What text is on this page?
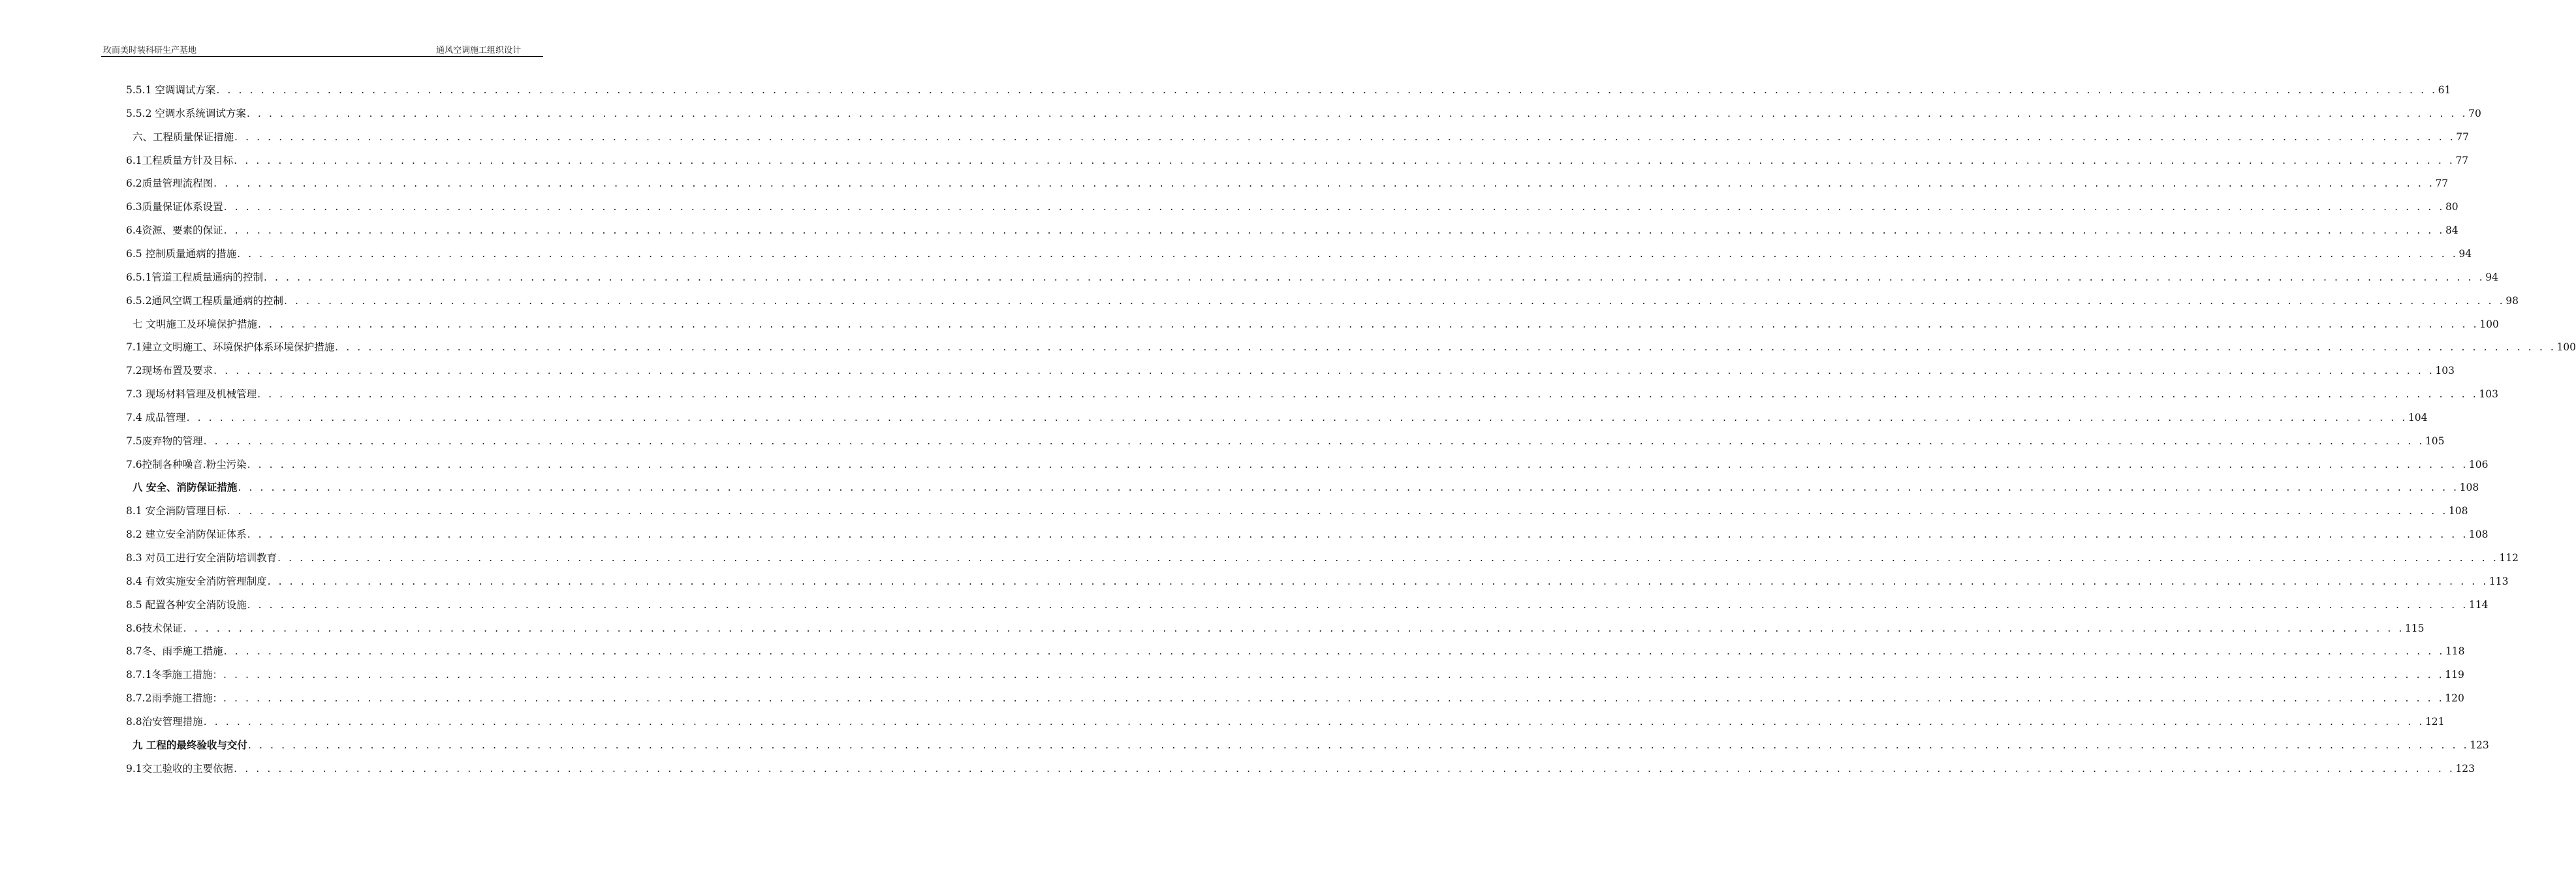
玫而美时装科研生产基地	通风空调施工组织设计
5.5.1 空调调试方案 . . . . . . . . . . . . . . . . . . . . . . . . . . . . . . . . . . . . . . . . . . . . . . . . . . . . . . . . . . . . . . . . . . . . . . . . . . . . . . . . . . . . . . . . . . . . . . . . . . . . . . . . . . . . . . . . . . . . . . . . . . . . . . . . . . . . . . . . . . . . . . . . . . . . . . . . . . . . . . . . . . . . . . . . . . . . . . . . . . . . . . . . . . . . . . . . . . . . . . . . 61
5.5.2 空调水系统调试方案 . . . . . . . . . . . . . . . . . . . . . . . . . . . . . . . . . . . . . . . . . . . . . . . . . . . . . . . . . . . . . . . . . . . . . . . . . . . . . . . . . . . . . . . . . . . . . . . . . . . . . . . . . . . . . . . . . . . . . . . . . . . . . . . . . . . . . . . . . . . . . . . . . . . . . . . . . . . . . . . . . . . . . . . . . . . . . . . . . . . . . . . . . . . . . . . . . . . . . . . . 70
六、工程质量保证措施 . . . . . . . . . . . . . . . . . . . . . . . . . . . . . . . . . . . . . . . . . . . . . . . . . . . . . . . . . . . . . . . . . . . . . . . . . . . . . . . . . . . . . . . . . . . . . . . . . . . . . . . . . . . . . . . . . . . . . . . . . . . . . . . . . . . . . . . . . . . . . . . . . . . . . . . . . . . . . . . . . . . . . . . . . . . . . . . . . . . . . . . . . . . . . . . . . . . . . . . . 77
6.1工程质量方针及目标 . . . . . . . . . . . . . . . . . . . . . . . . . . . . . . . . . . . . . . . . . . . . . . . . . . . . . . . . . . . . . . . . . . . . . . . . . . . . . . . . . . . . . . . . . . . . . . . . . . . . . . . . . . . . . . . . . . . . . . . . . . . . . . . . . . . . . . . . . . . . . . . . . . . . . . . . . . . . . . . . . . . . . . . . . . . . . . . . . . . . . . . . . . . . . . . . . . . . . . . . 77
6.2质量管理流程图 . . . . . . . . . . . . . . . . . . . . . . . . . . . . . . . . . . . . . . . . . . . . . . . . . . . . . . . . . . . . . . . . . . . . . . . . . . . . . . . . . . . . . . . . . . . . . . . . . . . . . . . . . . . . . . . . . . . . . . . . . . . . . . . . . . . . . . . . . . . . . . . . . . . . . . . . . . . . . . . . . . . . . . . . . . . . . . . . . . . . . . . . . . . . . . . . . . . . . . . . 77
6.3质量保证体系设置 . . . . . . . . . . . . . . . . . . . . . . . . . . . . . . . . . . . . . . . . . . . . . . . . . . . . . . . . . . . . . . . . . . . . . . . . . . . . . . . . . . . . . . . . . . . . . . . . . . . . . . . . . . . . . . . . . . . . . . . . . . . . . . . . . . . . . . . . . . . . . . . . . . . . . . . . . . . . . . . . . . . . . . . . . . . . . . . . . . . . . . . . . . . . . . . . . . . . . . . . 80
6.4资源、要素的保证 . . . . . . . . . . . . . . . . . . . . . . . . . . . . . . . . . . . . . . . . . . . . . . . . . . . . . . . . . . . . . . . . . . . . . . . . . . . . . . . . . . . . . . . . . . . . . . . . . . . . . . . . . . . . . . . . . . . . . . . . . . . . . . . . . . . . . . . . . . . . . . . . . . . . . . . . . . . . . . . . . . . . . . . . . . . . . . . . . . . . . . . . . . . . . . . . . . . . . . . . 84
6.5 控制质量通病的措施 . . . . . . . . . . . . . . . . . . . . . . . . . . . . . . . . . . . . . . . . . . . . . . . . . . . . . . . . . . . . . . . . . . . . . . . . . . . . . . . . . . . . . . . . . . . . . . . . . . . . . . . . . . . . . . . . . . . . . . . . . . . . . . . . . . . . . . . . . . . . . . . . . . . . . . . . . . . . . . . . . . . . . . . . . . . . . . . . . . . . . . . . . . . . . . . . . . . . . . . . 94
6.5.1管道工程质量通病的控制 . . . . . . . . . . . . . . . . . . . . . . . . . . . . . . . . . . . . . . . . . . . . . . . . . . . . . . . . . . . . . . . . . . . . . . . . . . . . . . . . . . . . . . . . . . . . . . . . . . . . . . . . . . . . . . . . . . . . . . . . . . . . . . . . . . . . . . . . . . . . . . . . . . . . . . . . . . . . . . . . . . . . . . . . . . . . . . . . . . . . . . . . . . . . . . . . . . . . . . . . 94
6.5.2通风空调工程质量通病的控制 . . . . . . . . . . . . . . . . . . . . . . . . . . . . . . . . . . . . . . . . . . . . . . . . . . . . . . . . . . . . . . . . . . . . . . . . . . . . . . . . . . . . . . . . . . . . . . . . . . . . . . . . . . . . . . . . . . . . . . . . . . . . . . . . . . . . . . . . . . . . . . . . . . . . . . . . . . . . . . . . . . . . . . . . . . . . . . . . . . . . . . . . . . . . . . . . . . . . . . . . 98
七 文明施工及环境保护措施 . . . . . . . . . . . . . . . . . . . . . . . . . . . . . . . . . . . . . . . . . . . . . . . . . . . . . . . . . . . . . . . . . . . . . . . . . . . . . . . . . . . . . . . . . . . . . . . . . . . . . . . . . . . . . . . . . . . . . . . . . . . . . . . . . . . . . . . . . . . . . . . . . . . . . . . . . . . . . . . . . . . . . . . . . . . . . . . . . . . . . . . . . . . . . . . . . . . . . . . . 100
7.1建立文明施工、环境保护体系环境保护措施 . . . . . . . . . . . . . . . . . . . . . . . . . . . . . . . . . . . . . . . . . . . . . . . . . . . . . . . . . . . . . . . . . . . . . . . . . . . . . . . . . . . . . . . . . . . . . . . . . . . . . . . . . . . . . . . . . . . . . . . . . . . . . . . . . . . . . . . . . . . . . . . . . . . . . . . . . . . . . . . . . . . . . . . . . . . . . . . . . . . . . . . . . . . . . . . . . . . . . . . . 100
7.2现场布置及要求 . . . . . . . . . . . . . . . . . . . . . . . . . . . . . . . . . . . . . . . . . . . . . . . . . . . . . . . . . . . . . . . . . . . . . . . . . . . . . . . . . . . . . . . . . . . . . . . . . . . . . . . . . . . . . . . . . . . . . . . . . . . . . . . . . . . . . . . . . . . . . . . . . . . . . . . . . . . . . . . . . . . . . . . . . . . . . . . . . . . . . . . . . . . . . . . . . . . . . . . . 103
7.3 现场材料管理及机械管理 . . . . . . . . . . . . . . . . . . . . . . . . . . . . . . . . . . . . . . . . . . . . . . . . . . . . . . . . . . . . . . . . . . . . . . . . . . . . . . . . . . . . . . . . . . . . . . . . . . . . . . . . . . . . . . . . . . . . . . . . . . . . . . . . . . . . . . . . . . . . . . . . . . . . . . . . . . . . . . . . . . . . . . . . . . . . . . . . . . . . . . . . . . . . . . . . . . . . . . . . 103
7.4 成品管理 . . . . . . . . . . . . . . . . . . . . . . . . . . . . . . . . . . . . . . . . . . . . . . . . . . . . . . . . . . . . . . . . . . . . . . . . . . . . . . . . . . . . . . . . . . . . . . . . . . . . . . . . . . . . . . . . . . . . . . . . . . . . . . . . . . . . . . . . . . . . . . . . . . . . . . . . . . . . . . . . . . . . . . . . . . . . . . . . . . . . . . . . . . . . . . . . . . . . . . . . 104
7.5废弃物的管理 . . . . . . . . . . . . . . . . . . . . . . . . . . . . . . . . . . . . . . . . . . . . . . . . . . . . . . . . . . . . . . . . . . . . . . . . . . . . . . . . . . . . . . . . . . . . . . . . . . . . . . . . . . . . . . . . . . . . . . . . . . . . . . . . . . . . . . . . . . . . . . . . . . . . . . . . . . . . . . . . . . . . . . . . . . . . . . . . . . . . . . . . . . . . . . . . . . . . . . . . 105
7.6控制各种噪音.粉尘污染 . . . . . . . . . . . . . . . . . . . . . . . . . . . . . . . . . . . . . . . . . . . . . . . . . . . . . . . . . . . . . . . . . . . . . . . . . . . . . . . . . . . . . . . . . . . . . . . . . . . . . . . . . . . . . . . . . . . . . . . . . . . . . . . . . . . . . . . . . . . . . . . . . . . . . . . . . . . . . . . . . . . . . . . . . . . . . . . . . . . . . . . . . . . . . . . . . . . . . . . . 106
八 安全、消防保证措施 . . . . . . . . . . . . . . . . . . . . . . . . . . . . . . . . . . . . . . . . . . . . . . . . . . . . . . . . . . . . . . . . . . . . . . . . . . . . . . . . . . . . . . . . . . . . . . . . . . . . . . . . . . . . . . . . . . . . . . . . . . . . . . . . . . . . . . . . . . . . . . . . . . . . . . . . . . . . . . . . . . . . . . . . . . . . . . . . . . . . . . . . . . . . . . . . . . . . . . . . 108
8.1 安全消防管理目标 . . . . . . . . . . . . . . . . . . . . . . . . . . . . . . . . . . . . . . . . . . . . . . . . . . . . . . . . . . . . . . . . . . . . . . . . . . . . . . . . . . . . . . . . . . . . . . . . . . . . . . . . . . . . . . . . . . . . . . . . . . . . . . . . . . . . . . . . . . . . . . . . . . . . . . . . . . . . . . . . . . . . . . . . . . . . . . . . . . . . . . . . . . . . . . . . . . . . . . . . 108
8.2 建立安全消防保证体系 . . . . . . . . . . . . . . . . . . . . . . . . . . . . . . . . . . . . . . . . . . . . . . . . . . . . . . . . . . . . . . . . . . . . . . . . . . . . . . . . . . . . . . . . . . . . . . . . . . . . . . . . . . . . . . . . . . . . . . . . . . . . . . . . . . . . . . . . . . . . . . . . . . . . . . . . . . . . . . . . . . . . . . . . . . . . . . . . . . . . . . . . . . . . . . . . . . . . . . . . 108
8.3 对员工进行安全消防培训教育 . . . . . . . . . . . . . . . . . . . . . . . . . . . . . . . . . . . . . . . . . . . . . . . . . . . . . . . . . . . . . . . . . . . . . . . . . . . . . . . . . . . . . . . . . . . . . . . . . . . . . . . . . . . . . . . . . . . . . . . . . . . . . . . . . . . . . . . . . . . . . . . . . . . . . . . . . . . . . . . . . . . . . . . . . . . . . . . . . . . . . . . . . . . . . . . . . . . . . . . . 112
8.4 有效实施安全消防管理制度 . . . . . . . . . . . . . . . . . . . . . . . . . . . . . . . . . . . . . . . . . . . . . . . . . . . . . . . . . . . . . . . . . . . . . . . . . . . . . . . . . . . . . . . . . . . . . . . . . . . . . . . . . . . . . . . . . . . . . . . . . . . . . . . . . . . . . . . . . . . . . . . . . . . . . . . . . . . . . . . . . . . . . . . . . . . . . . . . . . . . . . . . . . . . . . . . . . . . . . . . 113
8.5 配置各种安全消防设施 . . . . . . . . . . . . . . . . . . . . . . . . . . . . . . . . . . . . . . . . . . . . . . . . . . . . . . . . . . . . . . . . . . . . . . . . . . . . . . . . . . . . . . . . . . . . . . . . . . . . . . . . . . . . . . . . . . . . . . . . . . . . . . . . . . . . . . . . . . . . . . . . . . . . . . . . . . . . . . . . . . . . . . . . . . . . . . . . . . . . . . . . . . . . . . . . . . . . . . . . 114
8.6技术保证 . . . . . . . . . . . . . . . . . . . . . . . . . . . . . . . . . . . . . . . . . . . . . . . . . . . . . . . . . . . . . . . . . . . . . . . . . . . . . . . . . . . . . . . . . . . . . . . . . . . . . . . . . . . . . . . . . . . . . . . . . . . . . . . . . . . . . . . . . . . . . . . . . . . . . . . . . . . . . . . . . . . . . . . . . . . . . . . . . . . . . . . . . . . . . . . . . . . . . . . . 115
8.7冬、雨季施工措施 . . . . . . . . . . . . . . . . . . . . . . . . . . . . . . . . . . . . . . . . . . . . . . . . . . . . . . . . . . . . . . . . . . . . . . . . . . . . . . . . . . . . . . . . . . . . . . . . . . . . . . . . . . . . . . . . . . . . . . . . . . . . . . . . . . . . . . . . . . . . . . . . . . . . . . . . . . . . . . . . . . . . . . . . . . . . . . . . . . . . . . . . . . . . . . . . . . . . . . . . 118
8.7.1冬季施工措施： . . . . . . . . . . . . . . . . . . . . . . . . . . . . . . . . . . . . . . . . . . . . . . . . . . . . . . . . . . . . . . . . . . . . . . . . . . . . . . . . . . . . . . . . . . . . . . . . . . . . . . . . . . . . . . . . . . . . . . . . . . . . . . . . . . . . . . . . . . . . . . . . . . . . . . . . . . . . . . . . . . . . . . . . . . . . . . . . . . . . . . . . . . . . . . . . . . . . . . . . 119
8.7.2雨季施工措施： . . . . . . . . . . . . . . . . . . . . . . . . . . . . . . . . . . . . . . . . . . . . . . . . . . . . . . . . . . . . . . . . . . . . . . . . . . . . . . . . . . . . . . . . . . . . . . . . . . . . . . . . . . . . . . . . . . . . . . . . . . . . . . . . . . . . . . . . . . . . . . . . . . . . . . . . . . . . . . . . . . . . . . . . . . . . . . . . . . . . . . . . . . . . . . . . . . . . . . . . 120
8.8治安管理措施 . . . . . . . . . . . . . . . . . . . . . . . . . . . . . . . . . . . . . . . . . . . . . . . . . . . . . . . . . . . . . . . . . . . . . . . . . . . . . . . . . . . . . . . . . . . . . . . . . . . . . . . . . . . . . . . . . . . . . . . . . . . . . . . . . . . . . . . . . . . . . . . . . . . . . . . . . . . . . . . . . . . . . . . . . . . . . . . . . . . . . . . . . . . . . . . . . . . . . . . . 121
九 工程的最终验收与交付 . . . . . . . . . . . . . . . . . . . . . . . . . . . . . . . . . . . . . . . . . . . . . . . . . . . . . . . . . . . . . . . . . . . . . . . . . . . . . . . . . . . . . . . . . . . . . . . . . . . . . . . . . . . . . . . . . . . . . . . . . . . . . . . . . . . . . . . . . . . . . . . . . . . . . . . . . . . . . . . . . . . . . . . . . . . . . . . . . . . . . . . . . . . . . . . . . . . . . . . . 123
9.1交工验收的主要依据 . . . . . . . . . . . . . . . . . . . . . . . . . . . . . . . . . . . . . . . . . . . . . . . . . . . . . . . . . . . . . . . . . . . . . . . . . . . . . . . . . . . . . . . . . . . . . . . . . . . . . . . . . . . . . . . . . . . . . . . . . . . . . . . . . . . . . . . . . . . . . . . . . . . . . . . . . . . . . . . . . . . . . . . . . . . . . . . . . . . . . . . . . . . . . . . . . . . . . . . . 123
